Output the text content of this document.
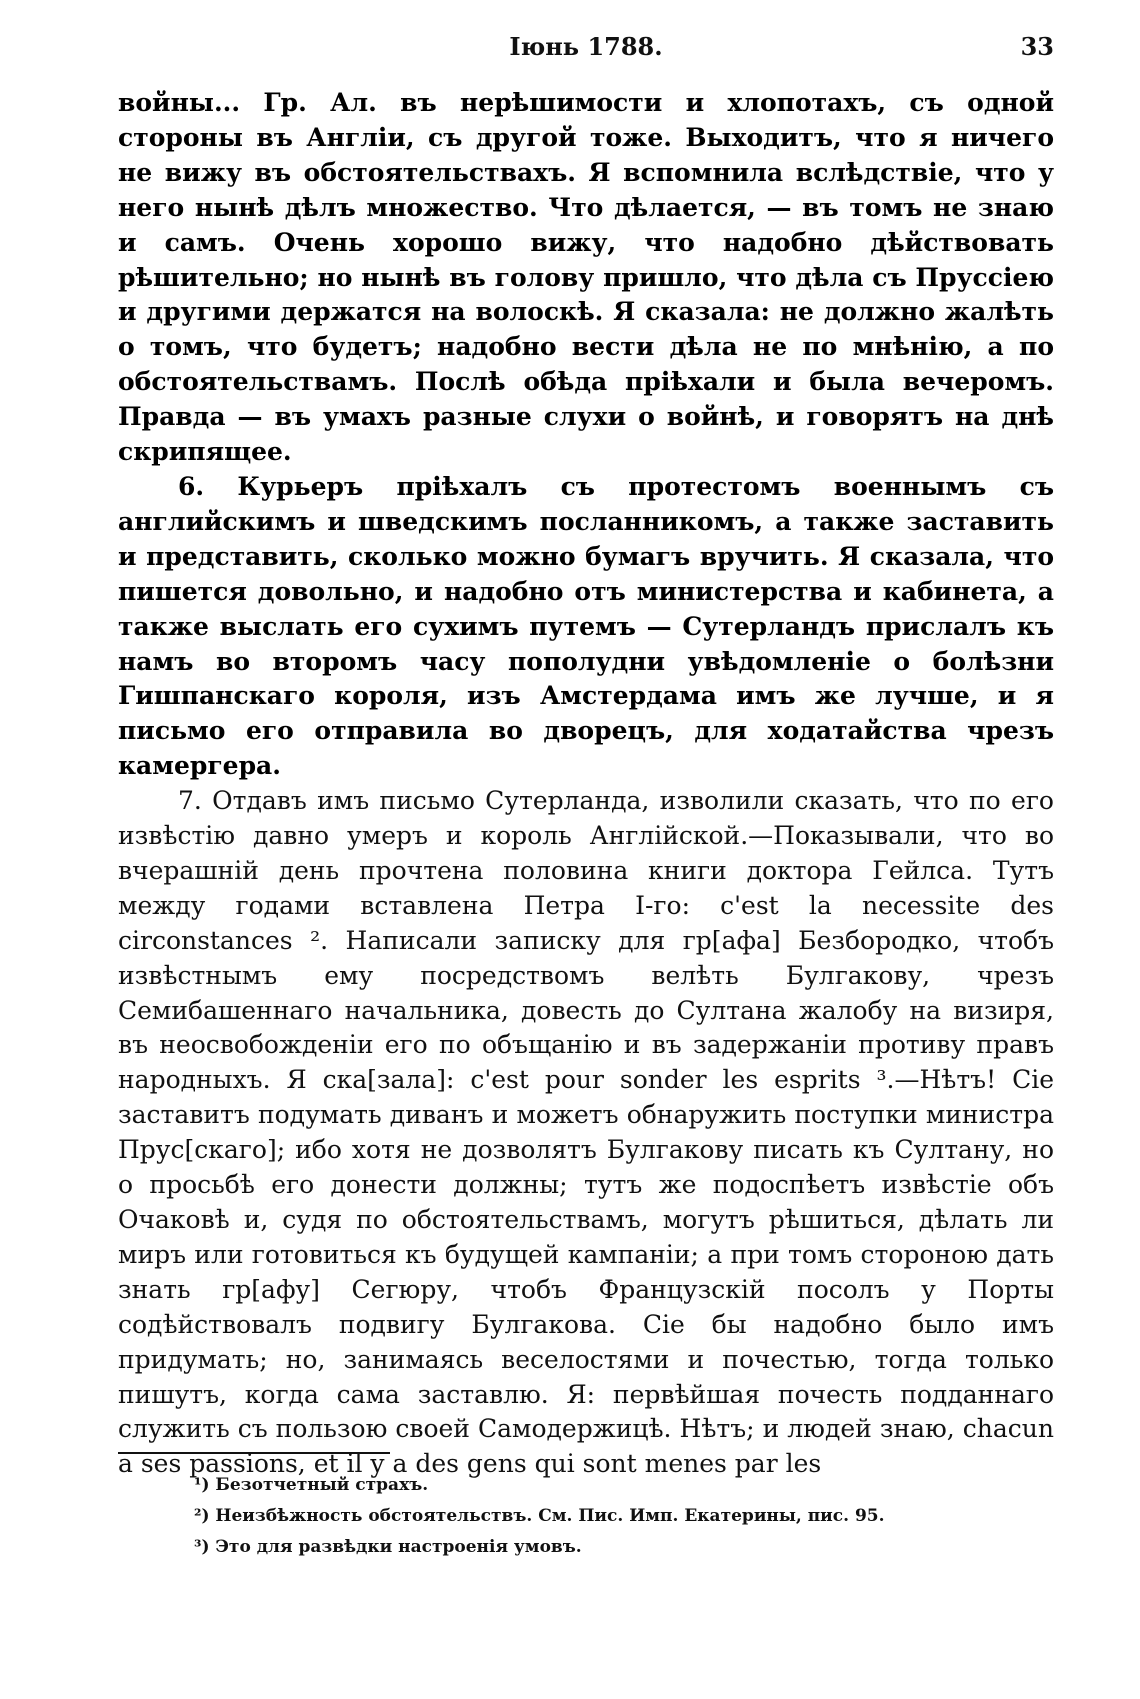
Іюнь 1788.	33

войны... Гр. Ал. въ нерѣшимости и хлопотахъ, съ одной стороны въ Англіи, съ другой тоже. Выходитъ, что я ничего не вижу въ обстоятельствахъ. Я вспомнила вслѣдствіе, что у него нынѣ дѣлъ множество. Что дѣлается, — въ томъ не знаю и самъ. Очень хорошо вижу, что надобно дѣйствовать рѣшительно; но нынѣ въ голову пришло, что дѣла съ Пруссіею и другими держатся на волоскѣ. Я сказала: не должно жалѣть о томъ, что будетъ; надобно вести дѣла не по мнѣнію, а по обстоятельствамъ. Послѣ обѣда пріѣхали и была вечеромъ. Правда — въ умахъ разные слухи о войнѣ, и говорятъ на днѣ скрипящее.

6. Курьеръ пріѣхалъ съ протестомъ военнымъ съ английскимъ и шведскимъ посланникомъ, а также заставить и представить, сколько можно бумагъ вручить. Я сказала, что пишется довольно, и надобно отъ министерства и кабинета, а также выслать его сухимъ путемъ — Сутерландъ прислалъ къ намъ во второмъ часу пополудни увѣдомленіе о болѣзни Гишпанскаго короля, изъ Амстердама имъ же лучше, и я письмо его отправила во дворецъ, для ходатайства чрезъ камергера.

7. Отдавъ имъ письмо Сутерланда, изволили сказать, что по его извѣстію давно умеръ и король Англійской.—Показывали, что во вчерашній день прочтена половина книги доктора Гейлса. Тутъ между годами вставлена Петра I-го: c'est la necessite des circonstances ². Написали записку для гр[афа] Безбородко, чтобъ извѣстнымъ ему посредствомъ велѣть Булгакову, чрезъ Семибашеннаго начальника, довесть до Султана жалобу на визиря, въ неосвобожденіи его по объщанію и въ задержаніи противу правъ народныхъ. Я ска[зала]: c'est pour sonder les esprits ³.—Нѣтъ! Сіе заставитъ подумать диванъ и можетъ обнаружить поступки министра Прус[скаго]; ибо хотя не дозволятъ Булгакову писать къ Султану, но о просьбѣ его донести должны; тутъ же подоспѣетъ извѣстіе объ Очаковѣ и, судя по обстоятельствамъ, могутъ рѣшиться, дѣлать ли миръ или готовиться къ будущей кампаніи; а при томъ стороною дать знать гр[афу] Сегюру, чтобъ Французскій посолъ у Порты содѣйствовалъ подвигу Булгакова. Сіе бы надобно было имъ придумать; но, занимаясь веселостями и почестью, тогда только пишутъ, когда сама заставлю. Я: первѣйшая почесть подданнаго служить съ пользою своей Самодержицѣ. Нѣтъ; и людей знаю, chacun a ses passions, et il y a des gens qui sont menes par les

¹) Безотчетный страхъ.
²) Неизбѣжность обстоятельствъ. См. Пис. Имп. Екатерины, пис. 95.
³) Это для развѣдки настроенія умовъ.
